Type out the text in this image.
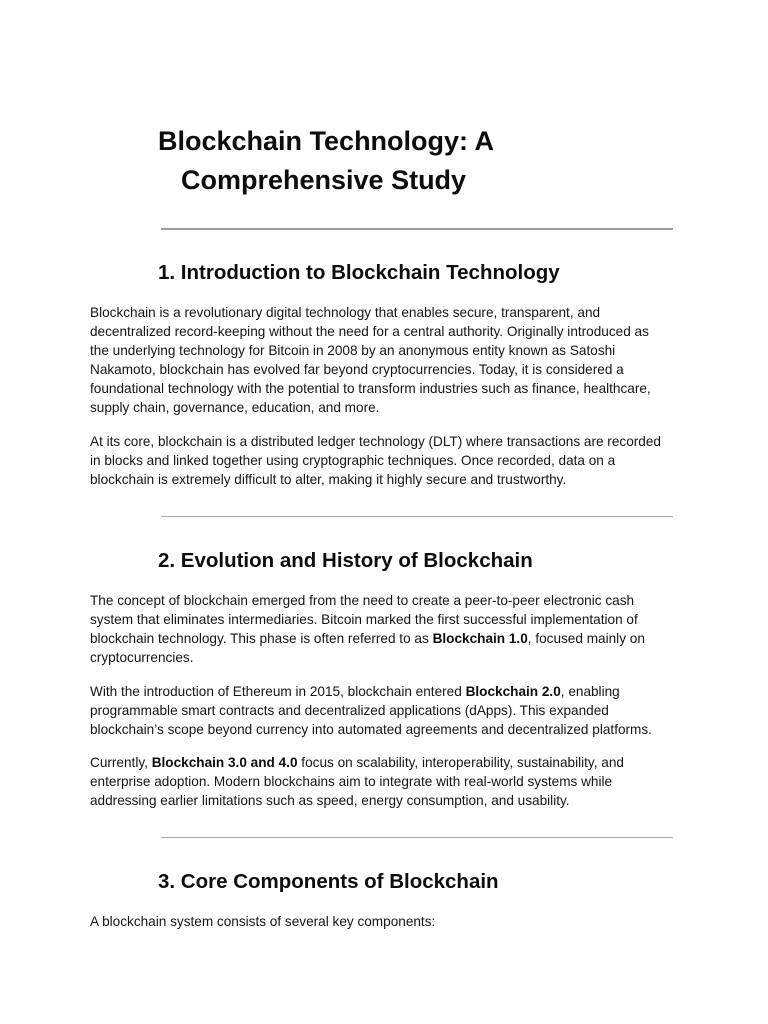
Blockchain Technology: A
Comprehensive Study
1. Introduction to Blockchain Technology

Blockchain is a revolutionary digital technology that enables secure, transparent, and
decentralized record-keeping without the need for a central authority. Originally introduced as
the underlying technology for Bitcoin in 2008 by an anonymous entity known as Satoshi
Nakamoto, blockchain has evolved far beyond cryptocurrencies. Today, it is considered a
foundational technology with the potential to transform industries such as finance, healthcare,
supply chain, governance, education, and more.

At its core, blockchain is a distributed ledger technology (DLT) where transactions are recorded
in blocks and linked together using cryptographic techniques. Once recorded, data on a
blockchain is extremely difficult to alter, making it highly secure and trustworthy.

2. Evolution and History of Blockchain

The concept of blockchain emerged from the need to create a peer-to-peer electronic cash
system that eliminates intermediaries. Bitcoin marked the first successful implementation of
blockchain technology. This phase is often referred to as Blockchain 1.0, focused mainly on
cryptocurrencies.

With the introduction of Ethereum in 2015, blockchain entered Blockchain 2.0, enabling
programmable smart contracts and decentralized applications (dApps). This expanded
blockchain’s scope beyond currency into automated agreements and decentralized platforms.

Currently, Blockchain 3.0 and 4.0 focus on scalability, interoperability, sustainability, and
enterprise adoption. Modern blockchains aim to integrate with real-world systems while
addressing earlier limitations such as speed, energy consumption, and usability.

3. Core Components of Blockchain

A blockchain system consists of several key components:
